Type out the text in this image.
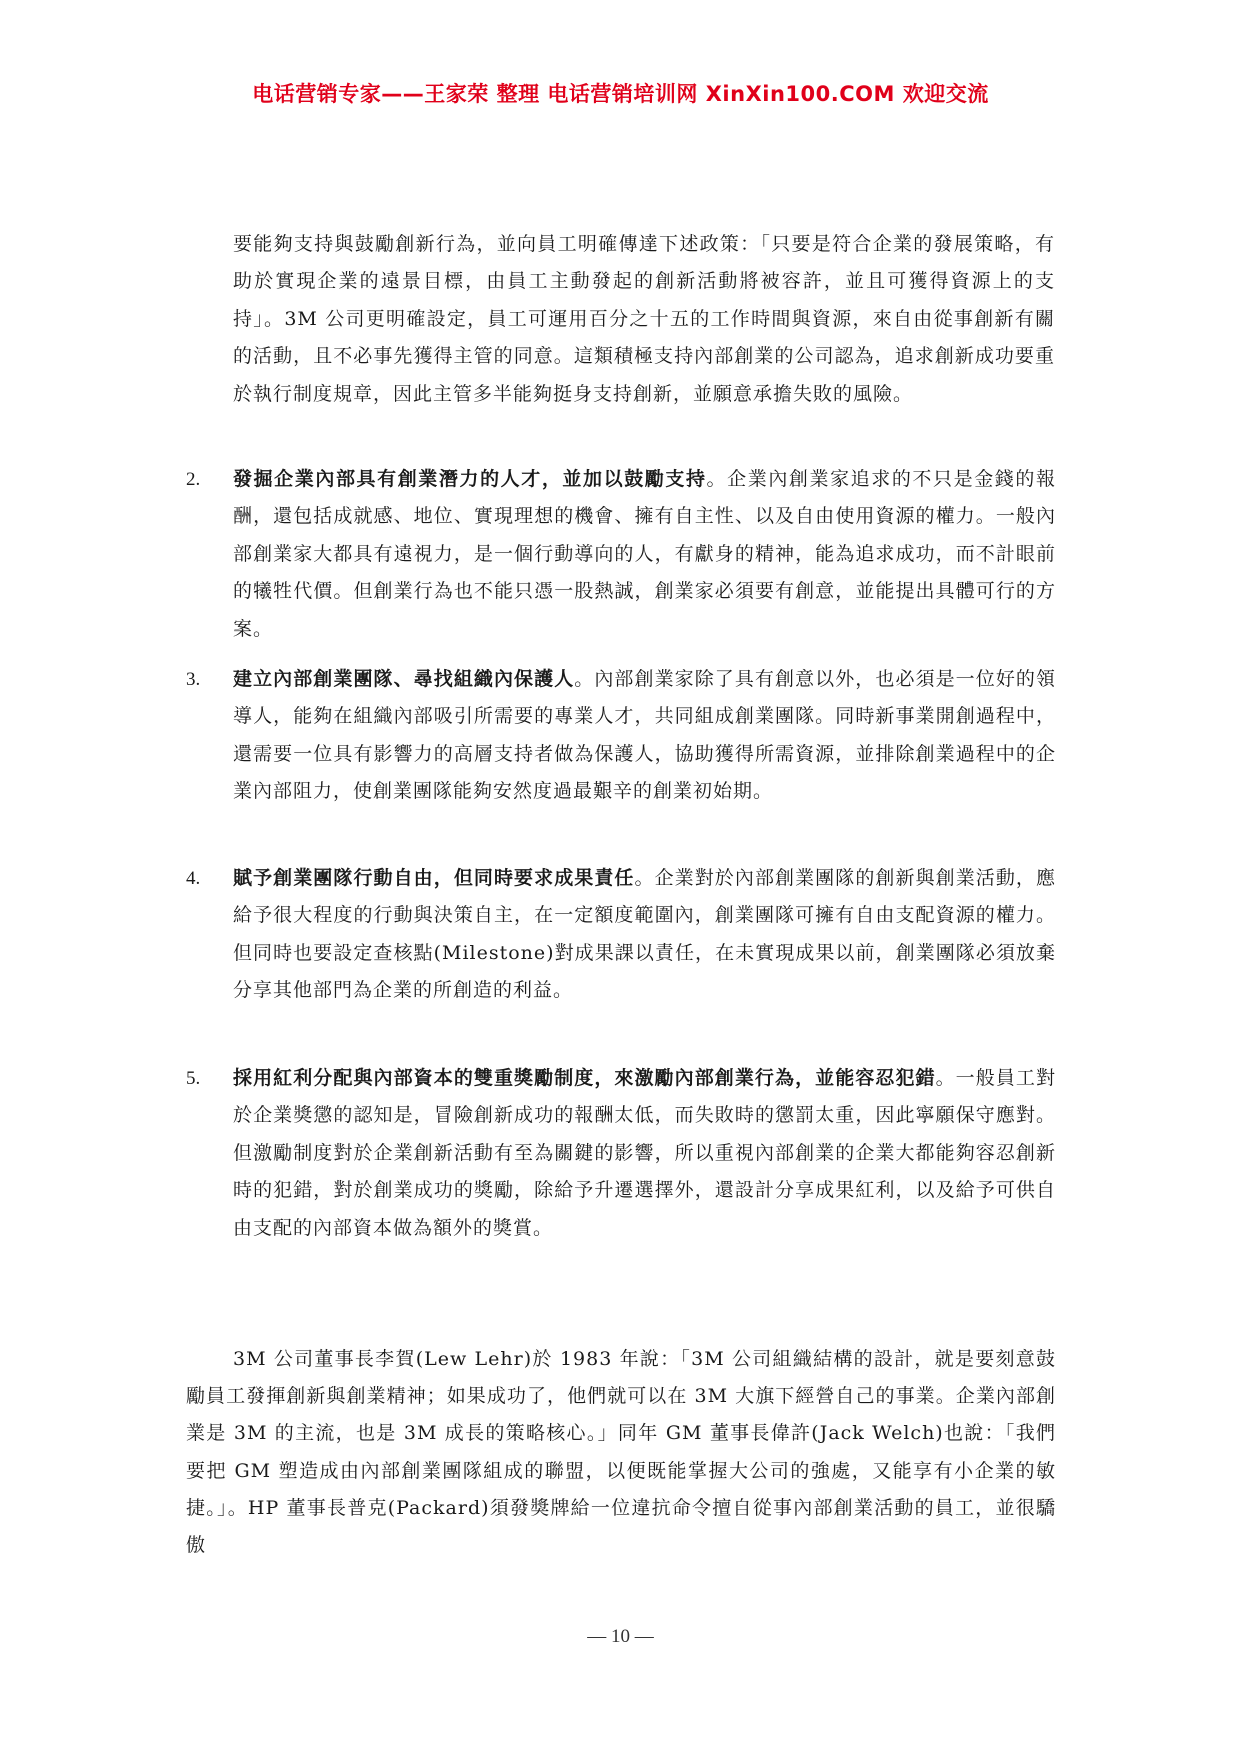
电话营销专家——王家荣 整理 电话营销培训网 XinXin100.COM 欢迎交流
要能夠支持與鼓勵創新行為，並向員工明確傳達下述政策：「只要是符合企業的發展策略，有助於實現企業的遠景目標，由員工主動發起的創新活動將被容許，並且可獲得資源上的支持」。3M 公司更明確設定，員工可運用百分之十五的工作時間與資源，來自由從事創新有關的活動，且不必事先獲得主管的同意。這類積極支持內部創業的公司認為，追求創新成功要重於執行制度規章，因此主管多半能夠挺身支持創新，並願意承擔失敗的風險。
2.	發掘企業內部具有創業潛力的人才，並加以鼓勵支持。企業內創業家追求的不只是金錢的報酬，還包括成就感、地位、實現理想的機會、擁有自主性、以及自由使用資源的權力。一般內部創業家大都具有遠視力，是一個行動導向的人，有獻身的精神，能為追求成功，而不計眼前的犧牲代價。但創業行為也不能只憑一股熱誠，創業家必須要有創意，並能提出具體可行的方案。
3.	建立內部創業團隊、尋找組織內保護人。內部創業家除了具有創意以外，也必須是一位好的領導人，能夠在組織內部吸引所需要的專業人才，共同組成創業團隊。同時新事業開創過程中，還需要一位具有影響力的高層支持者做為保護人，協助獲得所需資源，並排除創業過程中的企業內部阻力，使創業團隊能夠安然度過最艱辛的創業初始期。
4.	賦予創業團隊行動自由，但同時要求成果責任。企業對於內部創業團隊的創新與創業活動，應給予很大程度的行動與決策自主，在一定額度範圍內，創業團隊可擁有自由支配資源的權力。但同時也要設定查核點(Milestone)對成果課以責任，在未實現成果以前，創業團隊必須放棄分享其他部門為企業的所創造的利益。
5.	採用紅利分配與內部資本的雙重獎勵制度，來激勵內部創業行為，並能容忍犯錯。一般員工對於企業獎懲的認知是，冒險創新成功的報酬太低，而失敗時的懲罰太重，因此寧願保守應對。但激勵制度對於企業創新活動有至為關鍵的影響，所以重視內部創業的企業大都能夠容忍創新時的犯錯，對於創業成功的獎勵，除給予升遷選擇外，還設計分享成果紅利，以及給予可供自由支配的內部資本做為額外的獎賞。
3M 公司董事長李賀(Lew Lehr)於 1983 年說：「3M 公司組織結構的設計，就是要刻意鼓勵員工發揮創新與創業精神；如果成功了，他們就可以在 3M 大旗下經營自己的事業。企業內部創業是 3M 的主流，也是 3M 成長的策略核心。」同年 GM 董事長偉許(Jack Welch)也說：「我們要把 GM 塑造成由內部創業團隊組成的聯盟，以便既能掌握大公司的強處，又能享有小企業的敏捷。」。HP 董事長普克(Packard)須發獎牌給一位違抗命令擅自從事內部創業活動的員工，並很驕傲
— 10 —
